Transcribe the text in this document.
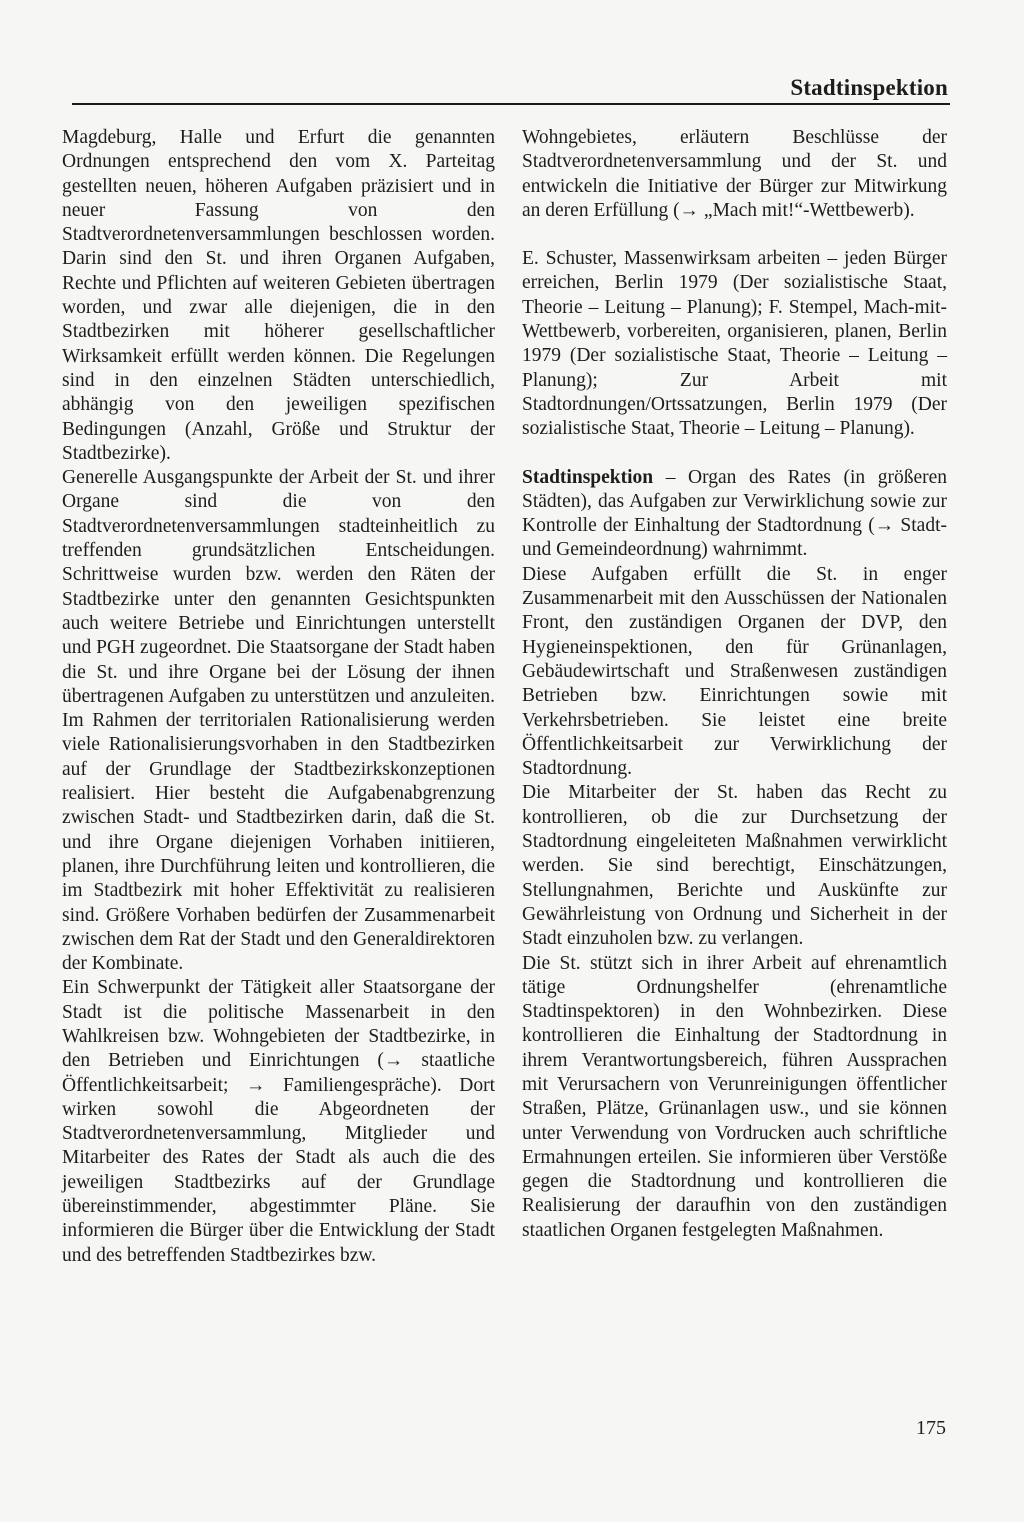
Stadtinspektion

Magdeburg, Halle und Erfurt die genannten Ordnungen entsprechend den vom X. Parteitag gestellten neuen, höheren Aufgaben präzisiert und in neuer Fassung von den Stadtverordnetenversammlungen beschlossen worden. Darin sind den St. und ihren Organen Aufgaben, Rechte und Pflichten auf weiteren Gebieten übertragen worden, und zwar alle diejenigen, die in den Stadtbezirken mit höherer gesellschaftlicher Wirksamkeit erfüllt werden können. Die Regelungen sind in den einzelnen Städten unterschiedlich, abhängig von den jeweiligen spezifischen Bedingungen (Anzahl, Größe und Struktur der Stadtbezirke).

Generelle Ausgangspunkte der Arbeit der St. und ihrer Organe sind die von den Stadtverordnetenversammlungen stadteinheitlich zu treffenden grundsätzlichen Entscheidungen. Schrittweise wurden bzw. werden den Räten der Stadtbezirke unter den genannten Gesichtspunkten auch weitere Betriebe und Einrichtungen unterstellt und PGH zugeordnet. Die Staatsorgane der Stadt haben die St. und ihre Organe bei der Lösung der ihnen übertragenen Aufgaben zu unterstützen und anzuleiten. Im Rahmen der territorialen Rationalisierung werden viele Rationalisierungsvorhaben in den Stadtbezirken auf der Grundlage der Stadtbezirkskonzeptionen realisiert. Hier besteht die Aufgabenabgrenzung zwischen Stadt- und Stadtbezirken darin, daß die St. und ihre Organe diejenigen Vorhaben initiieren, planen, ihre Durchführung leiten und kontrollieren, die im Stadtbezirk mit hoher Effektivität zu realisieren sind. Größere Vorhaben bedürfen der Zusammenarbeit zwischen dem Rat der Stadt und den Generaldirektoren der Kombinate.

Ein Schwerpunkt der Tätigkeit aller Staatsorgane der Stadt ist die politische Massenarbeit in den Wahlkreisen bzw. Wohngebieten der Stadtbezirke, in den Betrieben und Einrichtungen (→ staatliche Öffentlichkeitsarbeit; → Familiengespräche). Dort wirken sowohl die Abgeordneten der Stadtverordnetenversammlung, Mitglieder und Mitarbeiter des Rates der Stadt als auch die des jeweiligen Stadtbezirks auf der Grundlage übereinstimmender, abgestimmter Pläne. Sie informieren die Bürger über die Entwicklung der Stadt und des betreffenden Stadtbezirkes bzw.

Wohngebietes, erläutern Beschlüsse der Stadtverordnetenversammlung und der St. und entwickeln die Initiative der Bürger zur Mitwirkung an deren Erfüllung (→ „Mach mit!“-Wettbewerb).

E. Schuster, Massenwirksam arbeiten – jeden Bürger erreichen, Berlin 1979 (Der sozialistische Staat, Theorie – Leitung – Planung); F. Stempel, Mach-mit-Wettbewerb, vorbereiten, organisieren, planen, Berlin 1979 (Der sozialistische Staat, Theorie – Leitung – Planung); Zur Arbeit mit Stadtordnungen/Ortssatzungen, Berlin 1979 (Der sozialistische Staat, Theorie – Leitung – Planung).

Stadtinspektion – Organ des Rates (in größeren Städten), das Aufgaben zur Verwirklichung sowie zur Kontrolle der Einhaltung der Stadtordnung (→ Stadt- und Gemeindeordnung) wahrnimmt.

Diese Aufgaben erfüllt die St. in enger Zusammenarbeit mit den Ausschüssen der Nationalen Front, den zuständigen Organen der DVP, den Hygieneinspektionen, den für Grünanlagen, Gebäudewirtschaft und Straßenwesen zuständigen Betrieben bzw. Einrichtungen sowie mit Verkehrsbetrieben. Sie leistet eine breite Öffentlichkeitsarbeit zur Verwirklichung der Stadtordnung.

Die Mitarbeiter der St. haben das Recht zu kontrollieren, ob die zur Durchsetzung der Stadtordnung eingeleiteten Maßnahmen verwirklicht werden. Sie sind berechtigt, Einschätzungen, Stellungnahmen, Berichte und Auskünfte zur Gewährleistung von Ordnung und Sicherheit in der Stadt einzuholen bzw. zu verlangen.

Die St. stützt sich in ihrer Arbeit auf ehrenamtlich tätige Ordnungshelfer (ehrenamtliche Stadtinspektoren) in den Wohnbezirken. Diese kontrollieren die Einhaltung der Stadtordnung in ihrem Verantwortungsbereich, führen Aussprachen mit Verursachern von Verunreinigungen öffentlicher Straßen, Plätze, Grünanlagen usw., und sie können unter Verwendung von Vordrucken auch schriftliche Ermahnungen erteilen. Sie informieren über Verstöße gegen die Stadtordnung und kontrollieren die Realisierung der daraufhin von den zuständigen staatlichen Organen festgelegten Maßnahmen.

175
